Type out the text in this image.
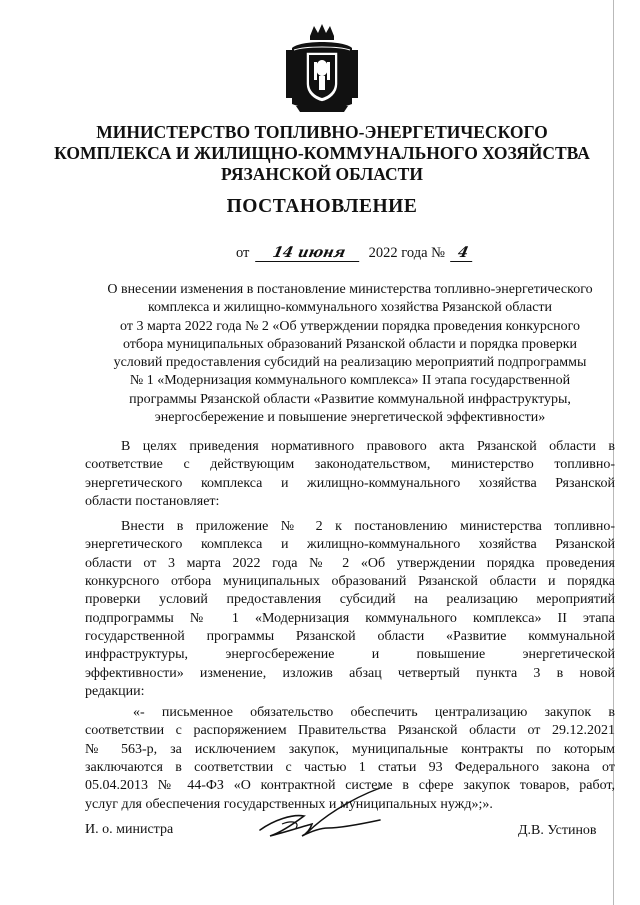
МИНИСТЕРСТВО ТОПЛИВНО-ЭНЕРГЕТИЧЕСКОГО
КОМПЛЕКСА И ЖИЛИЩНО-КОММУНАЛЬНОГО ХОЗЯЙСТВА
РЯЗАНСКОЙ ОБЛАСТИ
ПОСТАНОВЛЕНИЕ
от 14 июня 2022 года № 4
О внесении изменения в постановление министерства топливно-энергетического
комплекса и жилищно-коммунального хозяйства Рязанской области
от 3 марта 2022 года № 2 «Об утверждении порядка проведения конкурсного
отбора муниципальных образований Рязанской области и порядка проверки
условий предоставления субсидий на реализацию мероприятий подпрограммы
№ 1 «Модернизация коммунального комплекса» II этапа государственной
программы Рязанской области «Развитие коммунальной инфраструктуры,
энергосбережение и повышение энергетической эффективности»
В целях приведения нормативного правового акта Рязанской области в
соответствие с действующим законодательством, министерство топливно-
энергетического комплекса и жилищно-коммунального хозяйства Рязанской
области постановляет:
Внести в приложение № 2 к постановлению министерства топливно-
энергетического комплекса и жилищно-коммунального хозяйства Рязанской
области от 3 марта 2022 года № 2 «Об утверждении порядка проведения
конкурсного отбора муниципальных образований Рязанской области и порядка
проверки условий предоставления субсидий на реализацию мероприятий
подпрограммы № 1 «Модернизация коммунального комплекса» II этапа
государственной программы Рязанской области «Развитие коммунальной
инфраструктуры, энергосбережение и повышение энергетической
эффективности» изменение, изложив абзац четвертый пункта 3 в новой
редакции:
«- письменное обязательство обеспечить централизацию закупок в
соответствии с распоряжением Правительства Рязанской области от 29.12.2021
№ 563-р, за исключением закупок, муниципальные контракты по которым
заключаются в соответствии с частью 1 статьи 93 Федерального закона от
05.04.2013 № 44-ФЗ «О контрактной системе в сфере закупок товаров, работ,
услуг для обеспечения государственных и муниципальных нужд»;».
И. о. министра	Д.В. Устинов
